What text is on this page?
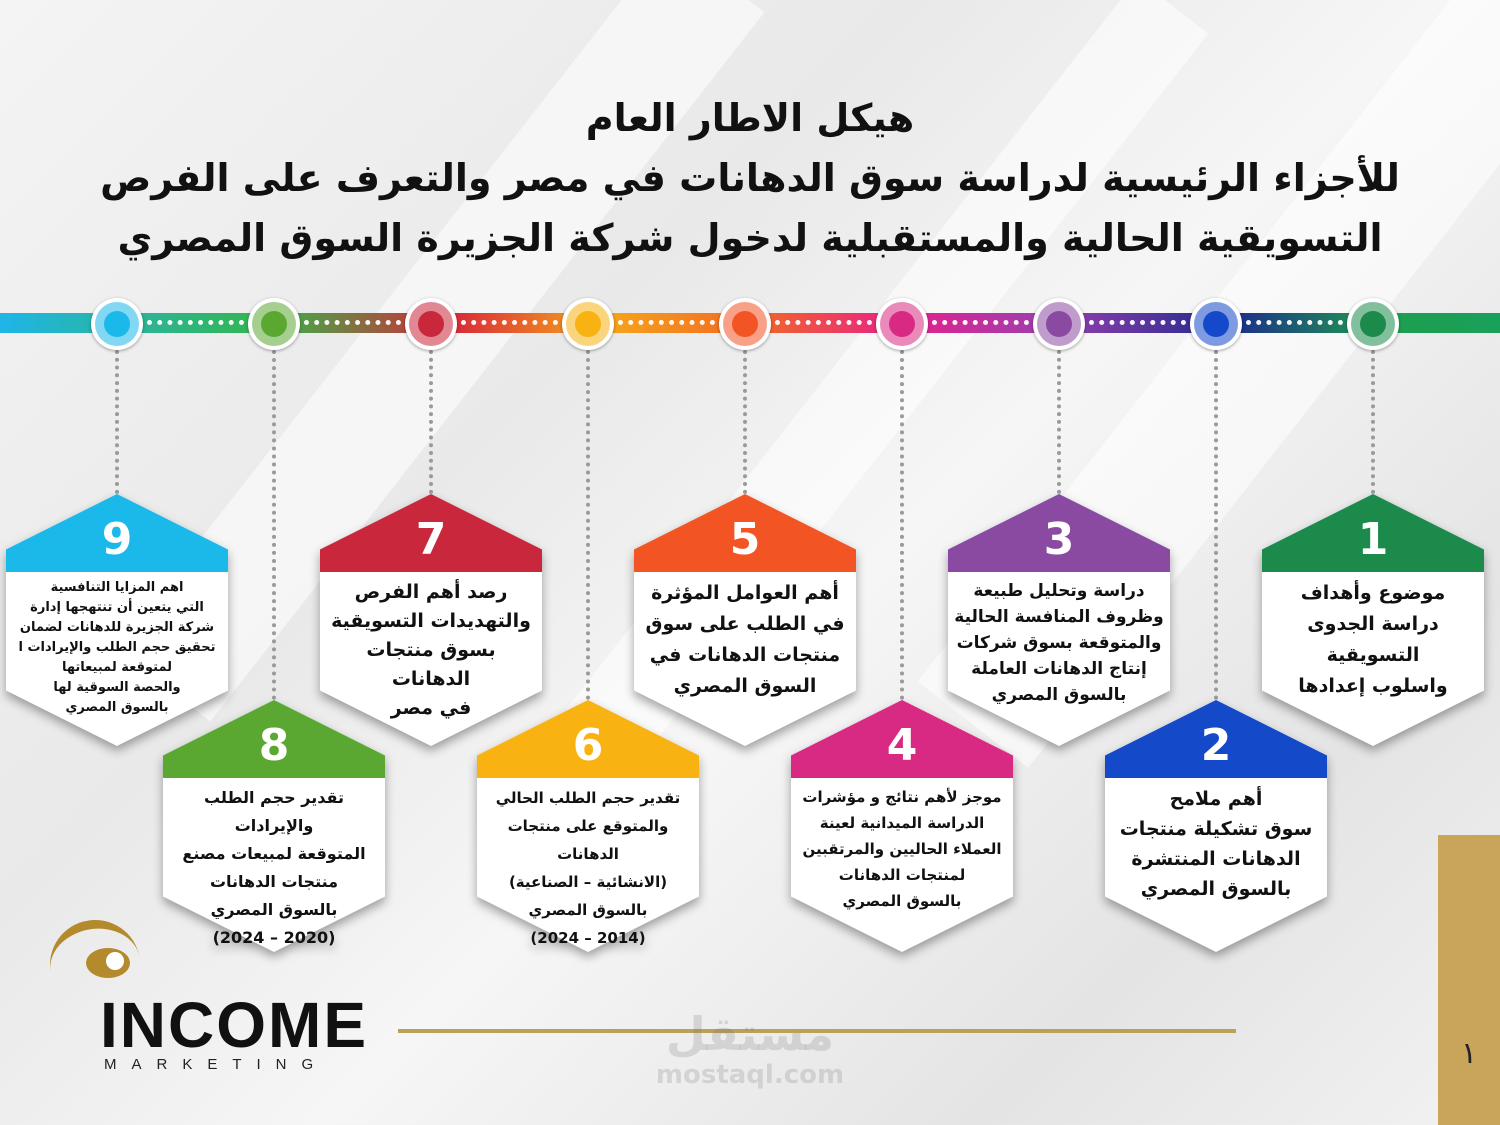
هيكل الاطار العام
للأجزاء الرئيسية لدراسة سوق الدهانات في مصر والتعرف على الفرص
التسويقية الحالية والمستقبلية لدخول شركة الجزيرة السوق المصري
1
موضوع وأهداف
دراسة الجدوى
التسويقية
واسلوب إعدادها
2
أهم ملامح
سوق تشكيلة منتجات
الدهانات المنتشرة
بالسوق المصري
3
دراسة وتحليل طبيعة
وظروف المنافسة الحالية
والمتوقعة بسوق شركات
إنتاج الدهانات العاملة
بالسوق المصري
4
موجز لأهم نتائج و مؤشرات
الدراسة الميدانية لعينة
العملاء الحاليين والمرتقبين
لمنتجات الدهانات
بالسوق المصري
5
أهم العوامل المؤثرة
في الطلب على سوق
منتجات الدهانات في
السوق المصري
6
تقدير حجم الطلب الحالي
والمتوقع على منتجات الدهانات
(الانشائية – الصناعية)
بالسوق المصري
(2014 – 2024)
7
رصد أهم الفرص
والتهديدات التسويقية
بسوق منتجات الدهانات
في مصر
8
تقدير حجم الطلب والإيرادات
المتوقعة لمبيعات مصنع
منتجات الدهانات
بالسوق المصري
(2020 – 2024)
9
اهم المزايا التنافسية
التي يتعين أن تنتهجها إدارة
شركة الجزيرة للدهانات لضمان
تحقيق حجم الطلب والإيرادات ا
لمتوقعة لمبيعاتها
والحصة السوقية لها
بالسوق المصري
INCOME
MARKETING
مستقل
mostaql.com
١
